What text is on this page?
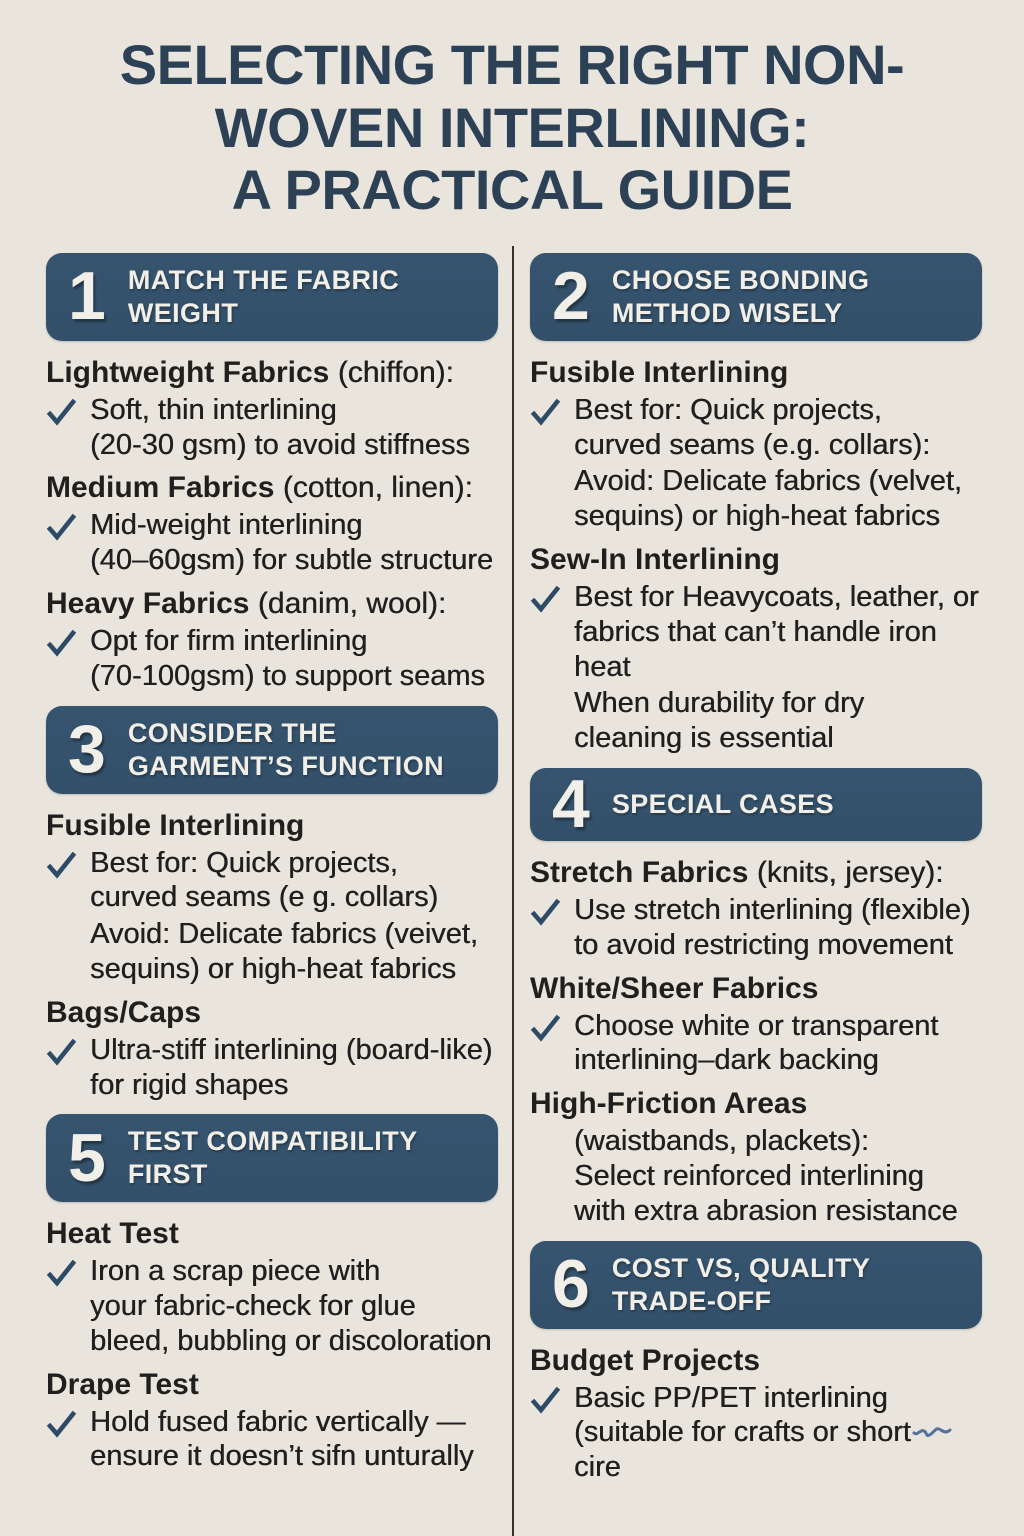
SELECTING THE RIGHT NON-
WOVEN INTERLINING:
A PRACTICAL GUIDE
1 MATCH THE FABRIC
WEIGHT
Lightweight Fabrics (chiffon):
Soft, thin interlining
(20-30 gsm) to avoid stiffness
Medium Fabrics (cotton, linen):
Mid-weight interlining
(40–60gsm) for subtle structure
Heavy Fabrics (danim, wool):
Opt for firm interlining
(70-100gsm) to support seams
3 CONSIDER THE
GARMENT’S FUNCTION
Fusible Interlining
Best for: Quick projects,
curved seams (e g. collars)
Avoid: Delicate fabrics (veivet,
sequins) or high-heat fabrics
Bags/Caps
Ultra-stiff interlining (board-like)
for rigid shapes
5 TEST COMPATIBILITY
FIRST
Heat Test
Iron a scrap piece with
your fabric-check for glue
bleed, bubbling or discoloration
Drape Test
Hold fused fabric vertically —
ensure it doesn’t sifn unturally
2 CHOOSE BONDING
METHOD WISELY
Fusible Interlining
Best for: Quick projects,
curved seams (e.g. collars):
Avoid: Delicate fabrics (velvet,
sequins) or high-heat fabrics
Sew-In Interlining
Best for Heavycoats, leather, or
fabrics that can’t handle iron
heat
When durability for dry
cleaning is essential
4 SPECIAL CASES
Stretch Fabrics (knits, jersey):
Use stretch interlining (flexible)
to avoid restricting movement
White/Sheer Fabrics
Choose white or transparent
interlining–dark backing
High-Friction Areas
(waistbands, plackets):
Select reinforced interlining
with extra abrasion resistance
6 COST VS, QUALITY
TRADE-OFF
Budget Projects
Basic PP/PET interlining
(suitable for crafts or shortcire
